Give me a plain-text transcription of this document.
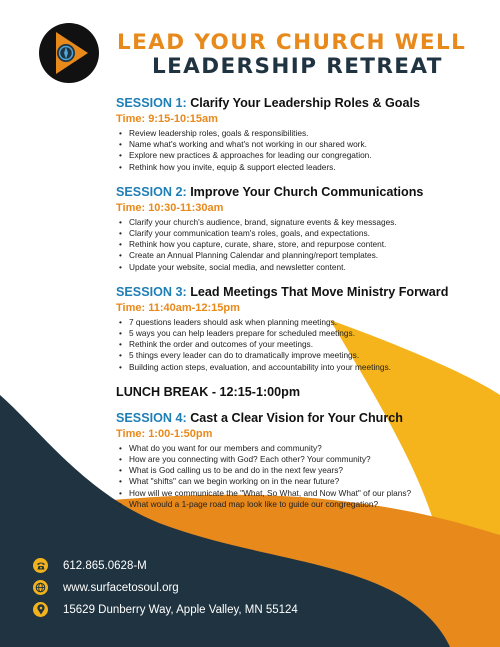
LEAD YOUR CHURCH WELL
LEADERSHIP RETREAT
SESSION 1: Clarify Your Leadership Roles & Goals
Time: 9:15-10:15am
• Review leadership roles, goals & responsibilities.
• Name what's working and what's not working in our shared work.
• Explore new practices & approaches for leading our congregation.
• Rethink how you invite, equip & support elected leaders.
SESSION 2: Improve Your Church Communications
Time: 10:30-11:30am
• Clarify your church's audience, brand, signature events & key messages.
• Clarify your communication team's roles, goals, and expectations.
• Rethink how you capture, curate, share, store, and repurpose content.
• Create an Annual Planning Calendar and planning/report templates.
• Update your website, social media, and newsletter content.
SESSION 3: Lead Meetings That Move Ministry Forward
Time: 11:40am-12:15pm
• 7 questions leaders should ask when planning meetings.
• 5 ways you can help leaders prepare for scheduled meetings.
• Rethink the order and outcomes of your meetings.
• 5 things every leader can do to dramatically improve meetings.
• Building action steps, evaluation, and accountability into your meetings.
LUNCH BREAK - 12:15-1:00pm
SESSION 4: Cast a Clear Vision for Your Church
Time: 1:00-1:50pm
• What do you want for our members and community?
• How are you connecting with God? Each other? Your community?
• What is God calling us to be and do in the next few years?
• What "shifts" can we begin working on in the near future?
• How will we communicate the "What, So What, and Now What" of our plans?
• What would a 1-page road map look like to guide our congregation?
612.865.0628-M
www.surfacetosoul.org
15629 Dunberry Way, Apple Valley, MN 55124
